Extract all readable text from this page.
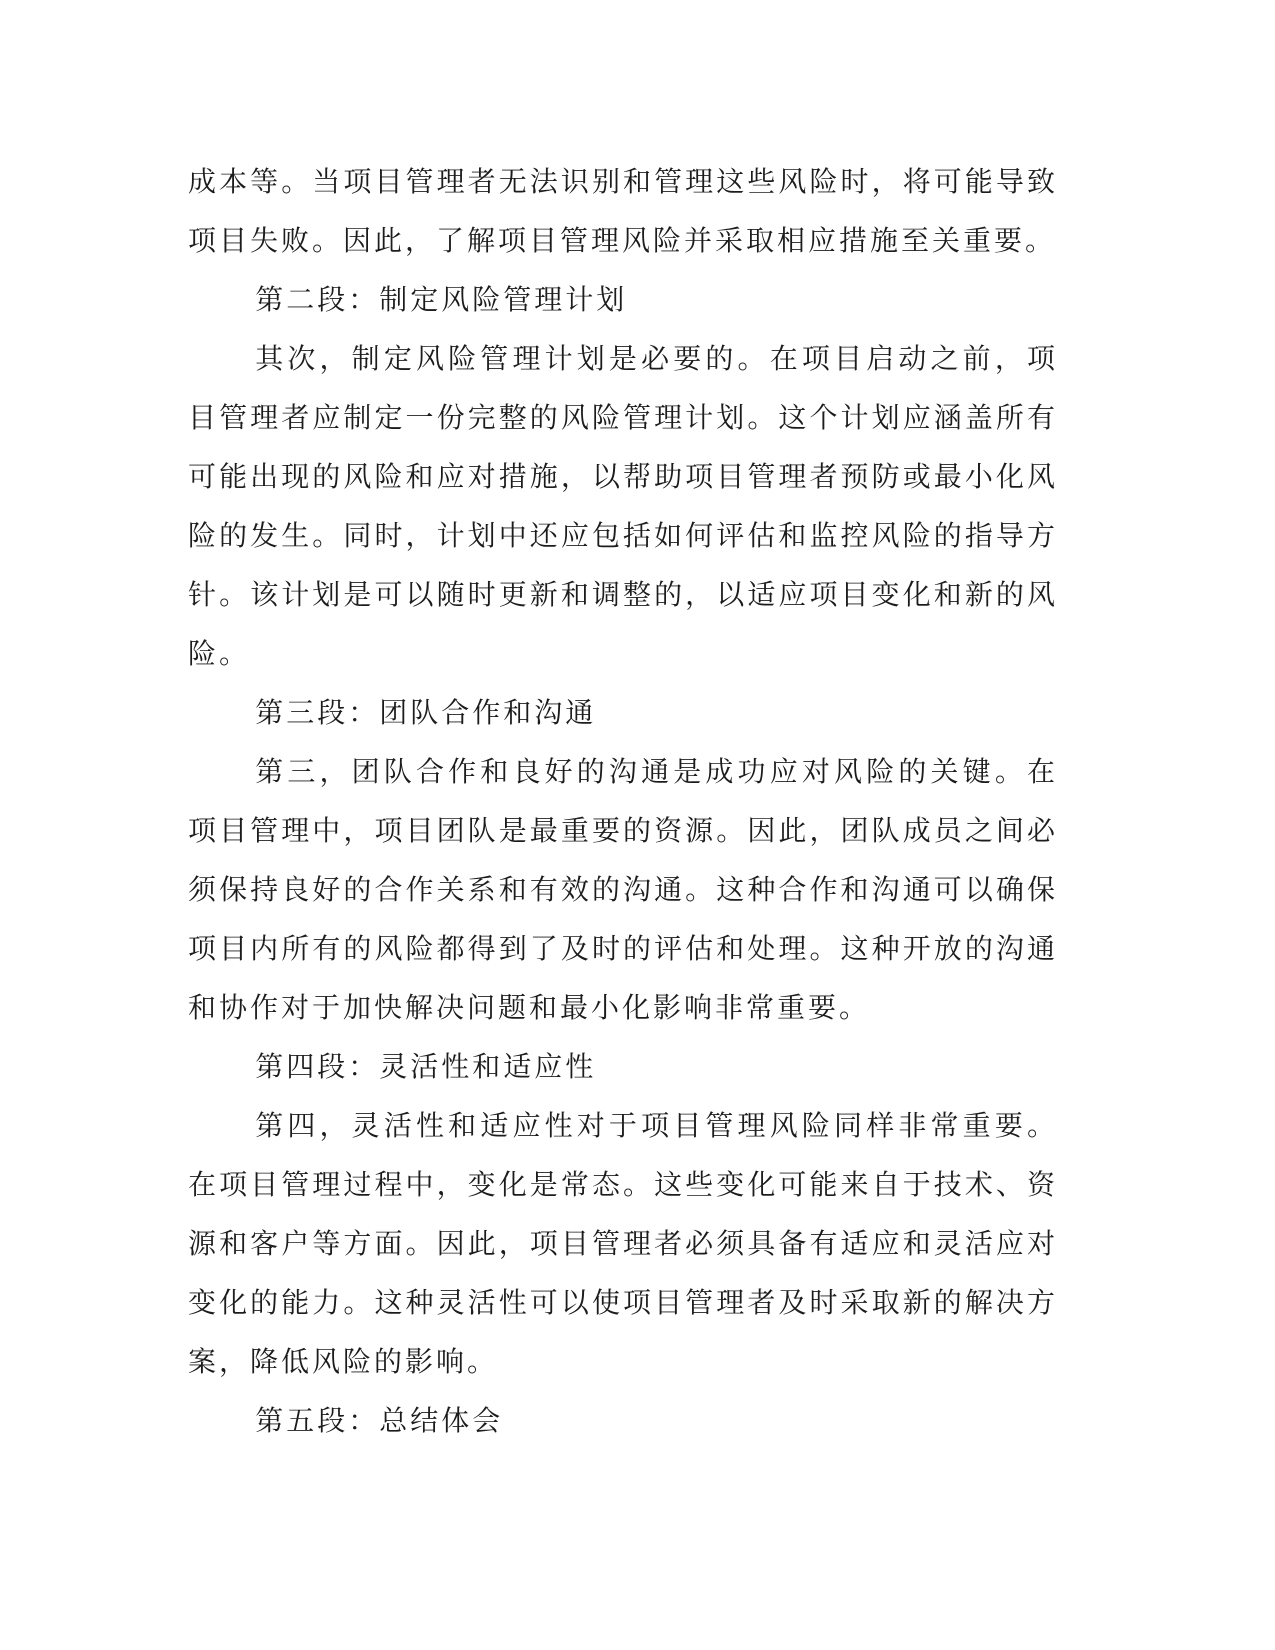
成本等。当项目管理者无法识别和管理这些风险时，将可能导致项目失败。因此，了解项目管理风险并采取相应措施至关重要。

第二段：制定风险管理计划

其次，制定风险管理计划是必要的。在项目启动之前，项目管理者应制定一份完整的风险管理计划。这个计划应涵盖所有可能出现的风险和应对措施，以帮助项目管理者预防或最小化风险的发生。同时，计划中还应包括如何评估和监控风险的指导方针。该计划是可以随时更新和调整的，以适应项目变化和新的风险。

第三段：团队合作和沟通

第三，团队合作和良好的沟通是成功应对风险的关键。在项目管理中，项目团队是最重要的资源。因此，团队成员之间必须保持良好的合作关系和有效的沟通。这种合作和沟通可以确保项目内所有的风险都得到了及时的评估和处理。这种开放的沟通和协作对于加快解决问题和最小化影响非常重要。

第四段：灵活性和适应性

第四，灵活性和适应性对于项目管理风险同样非常重要。在项目管理过程中，变化是常态。这些变化可能来自于技术、资源和客户等方面。因此，项目管理者必须具备有适应和灵活应对变化的能力。这种灵活性可以使项目管理者及时采取新的解决方案，降低风险的影响。

第五段：总结体会
